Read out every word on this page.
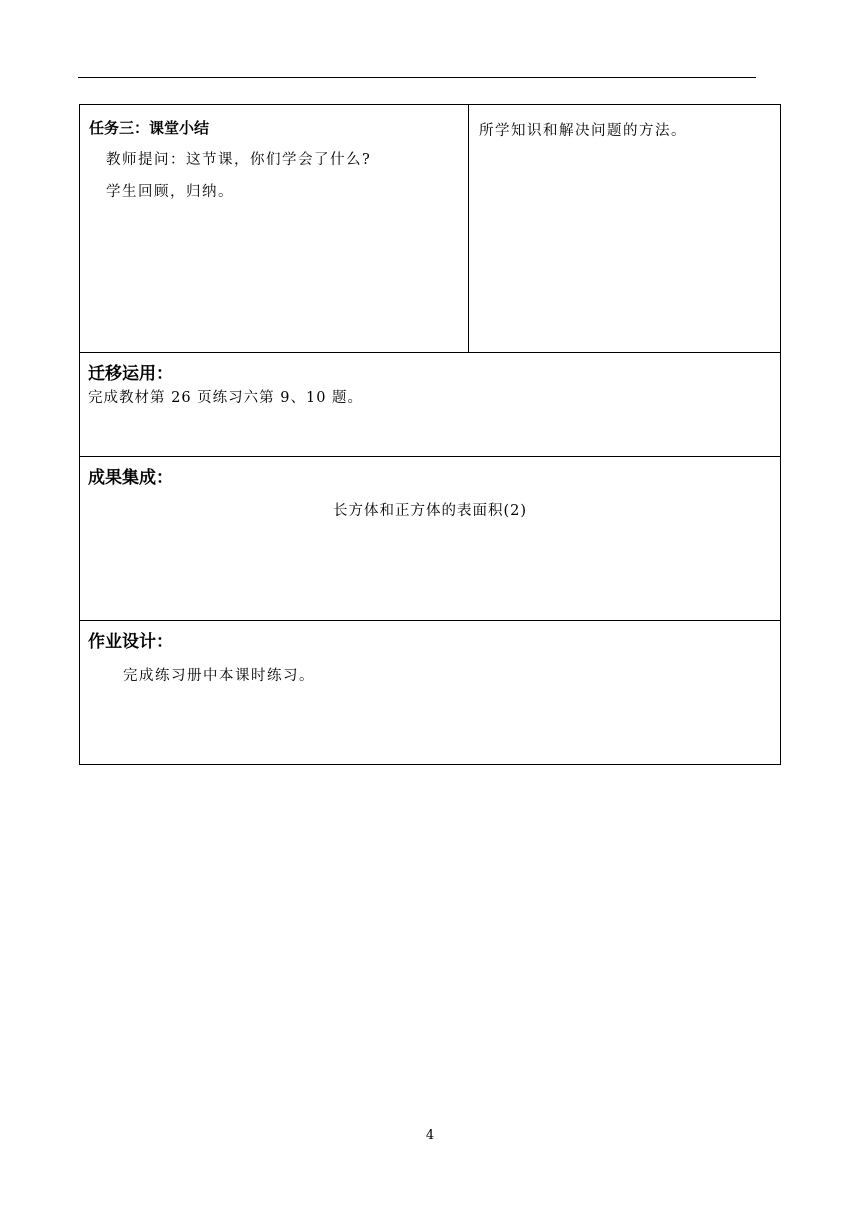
任务三：课堂小结
教师提问：这节课，你们学会了什么?
学生回顾，归纳。
所学知识和解决问题的方法。
迁移运用：
完成教材第 26 页练习六第 9、10 题。
成果集成：
长方体和正方体的表面积(2)
作业设计：
完成练习册中本课时练习。
4
